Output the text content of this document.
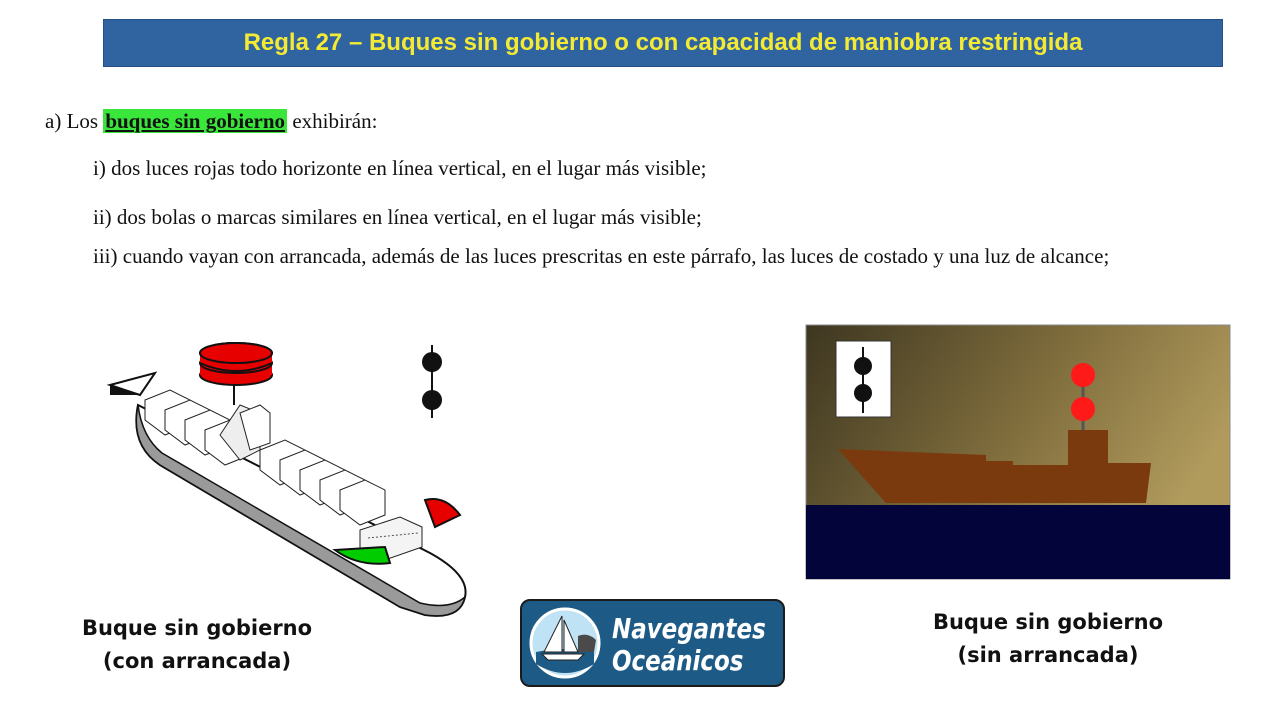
Regla 27 – Buques sin gobierno o con capacidad de maniobra restringida
a) Los buques sin gobierno exhibirán:
i) dos luces rojas todo horizonte en línea vertical, en el lugar más visible;
ii) dos bolas o marcas similares en línea vertical, en el lugar más visible;
iii) cuando vayan con arrancada, además de las luces prescritas en este párrafo, las luces de costado y una luz de alcance;
Buque sin gobierno
(con arrancada)
Buque sin gobierno
(sin arrancada)
Navegantes
Oceánicos
